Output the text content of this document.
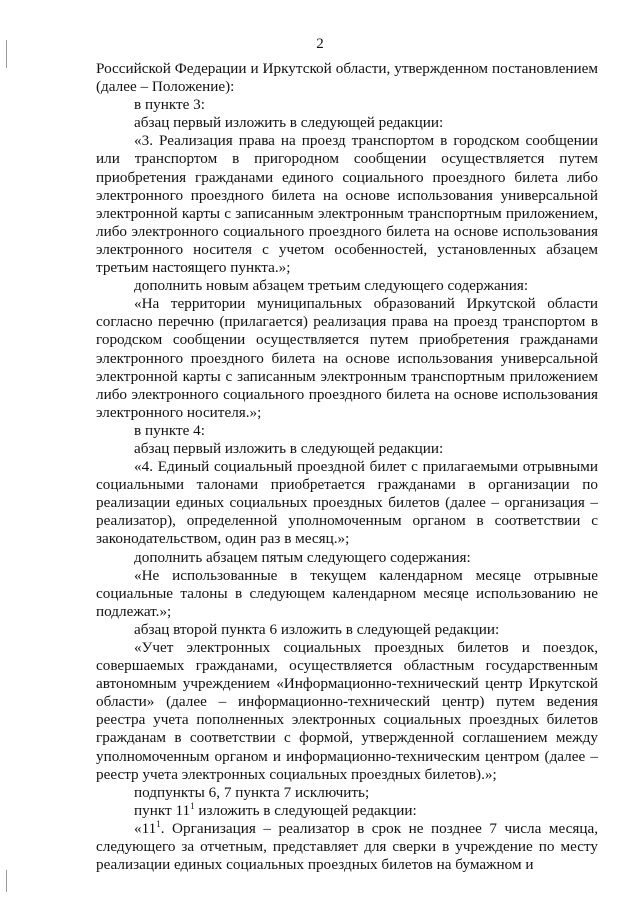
2

Российской Федерации и Иркутской области, утвержденном постановлением (далее – Положение):

в пункте 3:

абзац первый изложить в следующей редакции:

«3. Реализация права на проезд транспортом в городском сообщении или транспортом в пригородном сообщении осуществляется путем приобретения гражданами единого социального проездного билета либо электронного проездного билета на основе использования универсальной электронной карты с записанным электронным транспортным приложением, либо электронного социального проездного билета на основе использования электронного носителя с учетом особенностей, установленных абзацем третьим настоящего пункта.»;

дополнить новым абзацем третьим следующего содержания:

«На территории муниципальных образований Иркутской области согласно перечню (прилагается) реализация права на проезд транспортом в городском сообщении осуществляется путем приобретения гражданами электронного проездного билета на основе использования универсальной электронной карты с записанным электронным транспортным приложением либо электронного социального проездного билета на основе использования электронного носителя.»;

в пункте 4:

абзац первый изложить в следующей редакции:

«4. Единый социальный проездной билет с прилагаемыми отрывными социальными талонами приобретается гражданами в организации по реализации единых социальных проездных билетов (далее – организация – реализатор), определенной уполномоченным органом в соответствии с законодательством, один раз в месяц.»;

дополнить абзацем пятым следующего содержания:

«Не использованные в текущем календарном месяце отрывные социальные талоны в следующем календарном месяце использованию не подлежат.»;

абзац второй пункта 6 изложить в следующей редакции:

«Учет электронных социальных проездных билетов и поездок, совершаемых гражданами, осуществляется областным государственным автономным учреждением «Информационно-технический центр Иркутской области» (далее – информационно-технический центр) путем ведения реестра учета пополненных электронных социальных проездных билетов гражданам в соответствии с формой, утвержденной соглашением между уполномоченным органом и информационно-техническим центром (далее – реестр учета электронных социальных проездных билетов).»;

подпункты 6, 7 пункта 7 исключить;

пункт $11^1$ изложить в следующей редакции:

«$11^1$. Организация – реализатор в срок не позднее 7 числа месяца, следующего за отчетным, представляет для сверки в учреждение по месту реализации единых социальных проездных билетов на бумажном и
